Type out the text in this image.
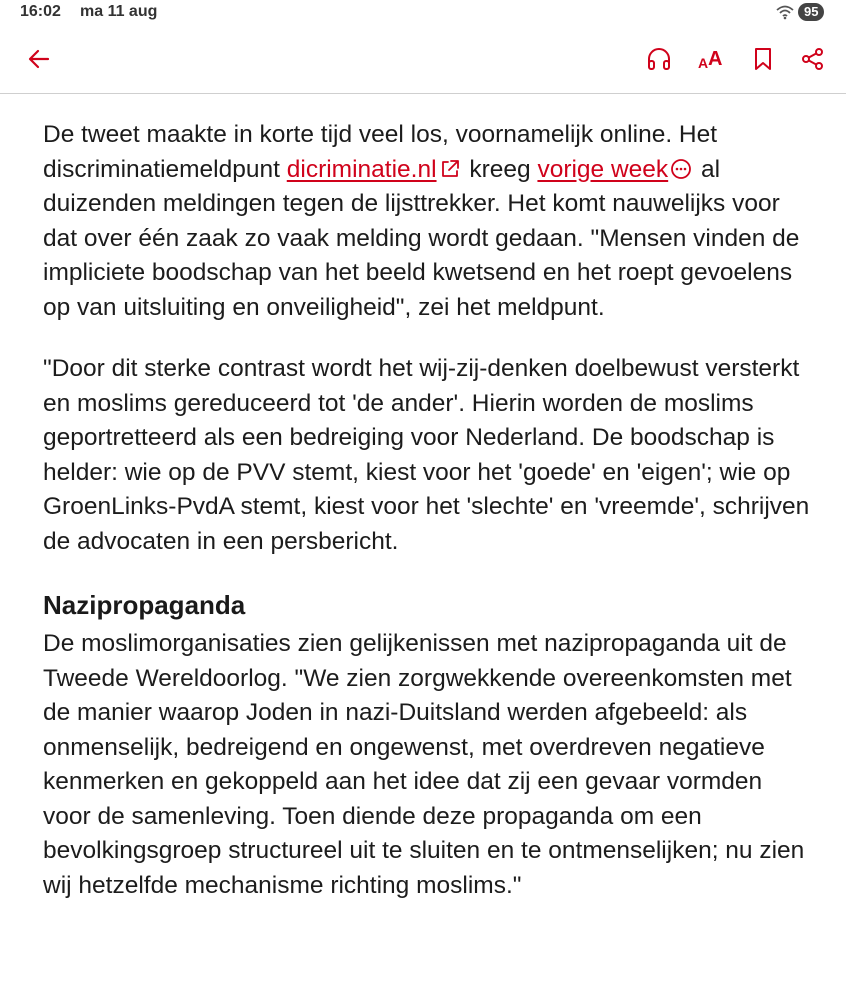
16:02 ma 11 aug	95
A A

De tweet maakte in korte tijd veel los, voornamelijk online. Het discriminatiemeldpunt dicriminatie.nl kreeg vorige week al duizenden meldingen tegen de lijsttrekker. Het komt nauwelijks voor dat over één zaak zo vaak melding wordt gedaan. "Mensen vinden de impliciete boodschap van het beeld kwetsend en het roept gevoelens op van uitsluiting en onveiligheid", zei het meldpunt.

"Door dit sterke contrast wordt het wij-zij-denken doelbewust versterkt en moslims gereduceerd tot 'de ander'. Hierin worden de moslims geportretteerd als een bedreiging voor Nederland. De boodschap is helder: wie op de PVV stemt, kiest voor het 'goede' en 'eigen'; wie op GroenLinks-PvdA stemt, kiest voor het 'slechte' en 'vreemde', schrijven de advocaten in een persbericht.

Nazipropaganda

De moslimorganisaties zien gelijkenissen met nazipropaganda uit de Tweede Wereldoorlog. "We zien zorgwekkende overeenkomsten met de manier waarop Joden in nazi-Duitsland werden afgebeeld: als onmenselijk, bedreigend en ongewenst, met overdreven negatieve kenmerken en gekoppeld aan het idee dat zij een gevaar vormden voor de samenleving. Toen diende deze propaganda om een bevolkingsgroep structureel uit te sluiten en te ontmenselijken; nu zien wij hetzelfde mechanisme richting moslims."
